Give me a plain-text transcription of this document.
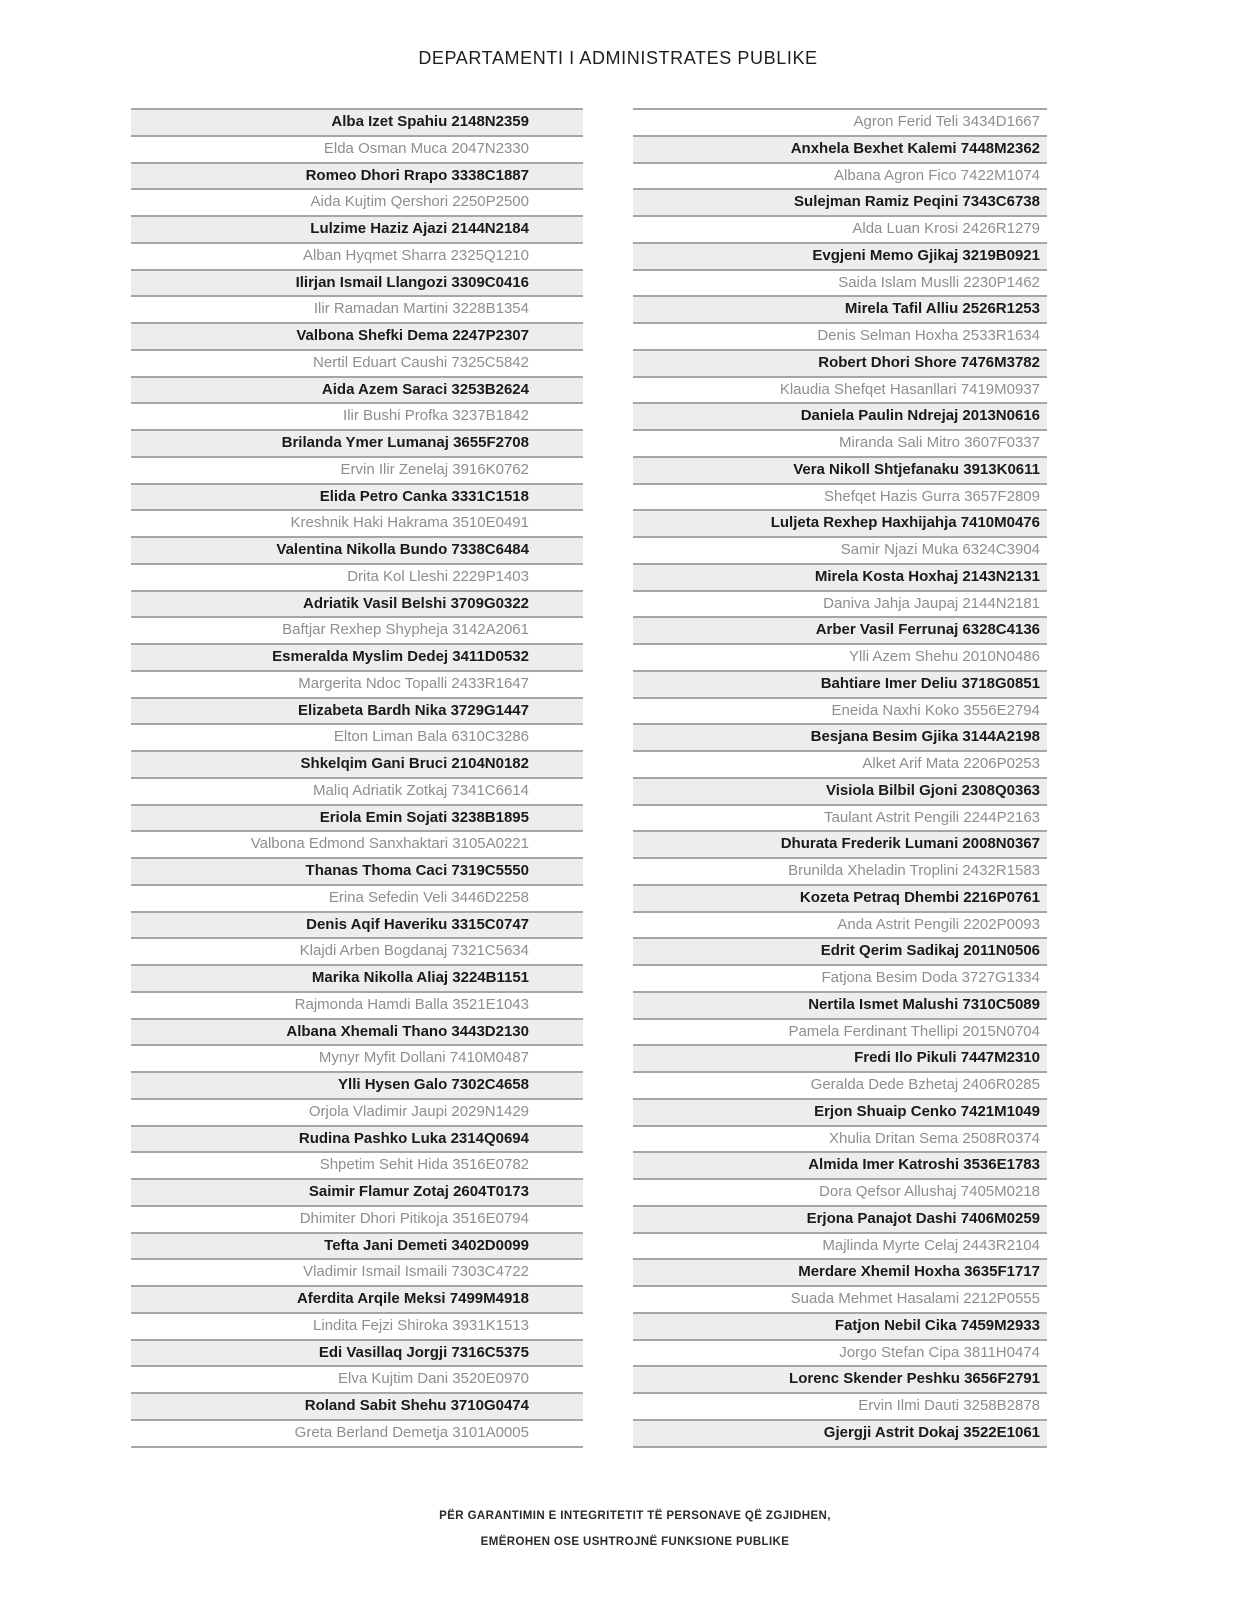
DEPARTAMENTI I ADMINISTRATES PUBLIKE
Alba Izet Spahiu 2148N2359
Elda Osman Muca 2047N2330
Romeo Dhori Rrapo 3338C1887
Aida Kujtim Qershori 2250P2500
Lulzime Haziz Ajazi 2144N2184
Alban Hyqmet Sharra 2325Q1210
Ilirjan Ismail Llangozi 3309C0416
Ilir Ramadan Martini 3228B1354
Valbona Shefki Dema 2247P2307
Nertil Eduart Caushi 7325C5842
Aida Azem Saraci 3253B2624
Ilir Bushi Profka 3237B1842
Brilanda Ymer Lumanaj 3655F2708
Ervin Ilir Zenelaj 3916K0762
Elida Petro Canka 3331C1518
Kreshnik Haki Hakrama 3510E0491
Valentina Nikolla Bundo 7338C6484
Drita Kol Lleshi 2229P1403
Adriatik Vasil Belshi 3709G0322
Baftjar Rexhep Shypheja 3142A2061
Esmeralda Myslim Dedej 3411D0532
Margerita Ndoc Topalli 2433R1647
Elizabeta Bardh Nika 3729G1447
Elton Liman Bala 6310C3286
Shkelqim Gani Bruci 2104N0182
Maliq Adriatik Zotkaj 7341C6614
Eriola Emin Sojati 3238B1895
Valbona Edmond Sanxhaktari 3105A0221
Thanas Thoma Caci 7319C5550
Erina Sefedin Veli 3446D2258
Denis Aqif Haveriku 3315C0747
Klajdi Arben Bogdanaj 7321C5634
Marika Nikolla Aliaj 3224B1151
Rajmonda Hamdi Balla 3521E1043
Albana Xhemali Thano 3443D2130
Mynyr Myfit Dollani 7410M0487
Ylli Hysen Galo 7302C4658
Orjola Vladimir Jaupi 2029N1429
Rudina Pashko Luka 2314Q0694
Shpetim Sehit Hida 3516E0782
Saimir Flamur Zotaj 2604T0173
Dhimiter Dhori Pitikoja 3516E0794
Tefta Jani Demeti 3402D0099
Vladimir Ismail Ismaili 7303C4722
Aferdita Arqile Meksi 7499M4918
Lindita Fejzi Shiroka 3931K1513
Edi Vasillaq Jorgji 7316C5375
Elva Kujtim Dani 3520E0970
Roland Sabit Shehu 3710G0474
Greta Berland Demetja 3101A0005
Agron Ferid Teli 3434D1667
Anxhela Bexhet Kalemi 7448M2362
Albana Agron Fico 7422M1074
Sulejman Ramiz Peqini 7343C6738
Alda Luan Krosi 2426R1279
Evgjeni Memo Gjikaj 3219B0921
Saida Islam Muslli 2230P1462
Mirela Tafil Alliu 2526R1253
Denis Selman Hoxha 2533R1634
Robert Dhori Shore 7476M3782
Klaudia Shefqet Hasanllari 7419M0937
Daniela Paulin Ndrejaj 2013N0616
Miranda Sali Mitro 3607F0337
Vera Nikoll Shtjefanaku 3913K0611
Shefqet Hazis Gurra 3657F2809
Luljeta Rexhep Haxhijahja 7410M0476
Samir Njazi Muka 6324C3904
Mirela Kosta Hoxhaj 2143N2131
Daniva Jahja Jaupaj 2144N2181
Arber Vasil Ferrunaj 6328C4136
Ylli Azem Shehu 2010N0486
Bahtiare Imer Deliu 3718G0851
Eneida Naxhi Koko 3556E2794
Besjana Besim Gjika 3144A2198
Alket Arif Mata 2206P0253
Visiola Bilbil Gjoni 2308Q0363
Taulant Astrit Pengili 2244P2163
Dhurata Frederik Lumani 2008N0367
Brunilda Xheladin Troplini 2432R1583
Kozeta Petraq Dhembi 2216P0761
Anda Astrit Pengili 2202P0093
Edrit Qerim Sadikaj 2011N0506
Fatjona Besim Doda 3727G1334
Nertila Ismet Malushi 7310C5089
Pamela Ferdinant Thellipi 2015N0704
Fredi Ilo Pikuli 7447M2310
Geralda Dede Bzhetaj 2406R0285
Erjon Shuaip Cenko 7421M1049
Xhulia Dritan Sema 2508R0374
Almida Imer Katroshi 3536E1783
Dora Qefsor Allushaj 7405M0218
Erjona Panajot Dashi 7406M0259
Majlinda Myrte Celaj 2443R2104
Merdare Xhemil Hoxha 3635F1717
Suada Mehmet Hasalami 2212P0555
Fatjon Nebil Cika 7459M2933
Jorgo Stefan Cipa 3811H0474
Lorenc Skender Peshku 3656F2791
Ervin Ilmi Dauti 3258B2878
Gjergji Astrit Dokaj 3522E1061
PËR GARANTIMIN E INTEGRITETIT TË PERSONAVE QË ZGJIDHEN,
EMËROHEN OSE USHTROJNË FUNKSIONE PUBLIKE
